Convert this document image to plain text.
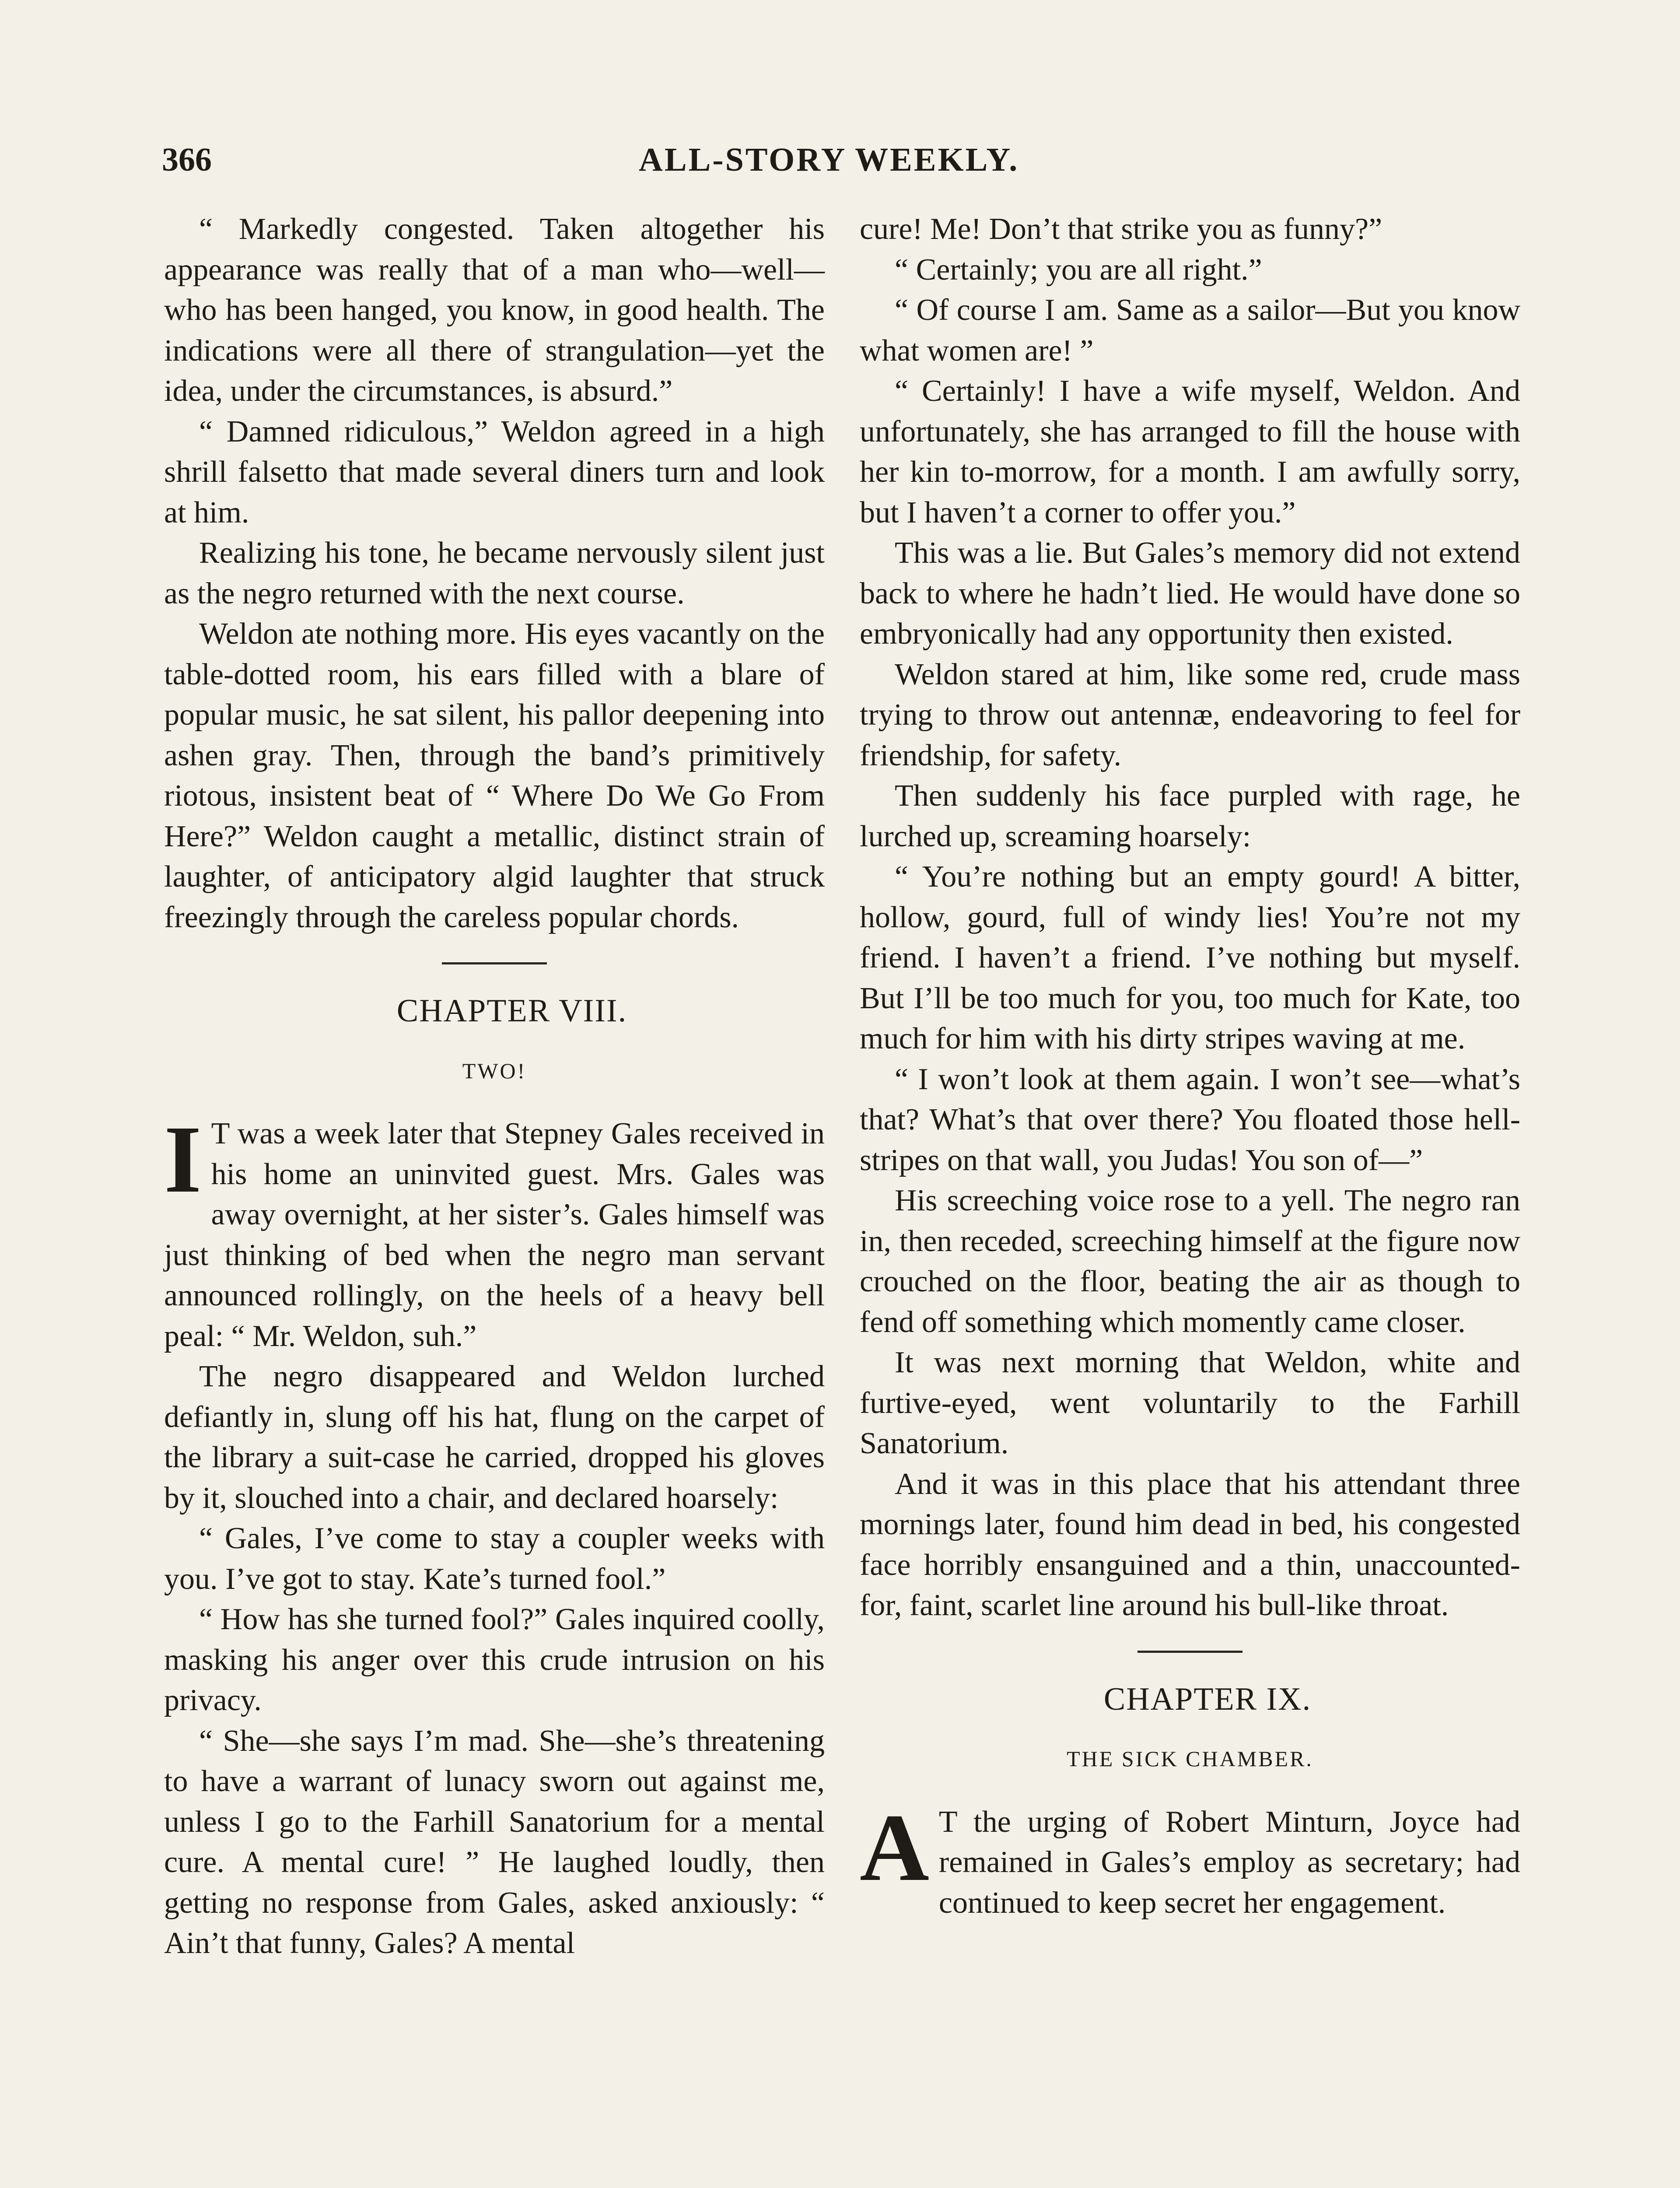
366	ALL-STORY WEEKLY.

“ Markedly congested. Taken altogether his appearance was really that of a man who—well—who has been hanged, you know, in good health. The indications were all there of strangulation—yet the idea, under the circumstances, is absurd.”

“ Damned ridiculous,” Weldon agreed in a high shrill falsetto that made several diners turn and look at him.

Realizing his tone, he became nervously silent just as the negro returned with the next course.

Weldon ate nothing more. His eyes vacantly on the table-dotted room, his ears filled with a blare of popular music, he sat silent, his pallor deepening into ashen gray. Then, through the band’s primitively riotous, insistent beat of “ Where Do We Go From Here?” Weldon caught a metallic, distinct strain of laughter, of anticipatory algid laughter that struck freezingly through the careless popular chords.

CHAPTER VIII.

TWO!

I T was a week later that Stepney Gales received in his home an uninvited guest. Mrs. Gales was away overnight, at her sister’s. Gales himself was just thinking of bed when the negro man servant announced rollingly, on the heels of a heavy bell peal: “ Mr. Weldon, suh.”

The negro disappeared and Weldon lurched defiantly in, slung off his hat, flung on the carpet of the library a suit-case he carried, dropped his gloves by it, slouched into a chair, and declared hoarsely:

“ Gales, I’ve come to stay a coupler weeks with you. I’ve got to stay. Kate’s turned fool.”

“ How has she turned fool?” Gales inquired coolly, masking his anger over this crude intrusion on his privacy.

“ She—she says I’m mad. She—she’s threatening to have a warrant of lunacy sworn out against me, unless I go to the Farhill Sanatorium for a mental cure. A mental cure! ” He laughed loudly, then getting no response from Gales, asked anxiously: “ Ain’t that funny, Gales? A mental

cure! Me! Don’t that strike you as funny?”

“ Certainly; you are all right.”

“ Of course I am. Same as a sailor—But you know what women are! ”

“ Certainly! I have a wife myself, Weldon. And unfortunately, she has arranged to fill the house with her kin to-morrow, for a month. I am awfully sorry, but I haven’t a corner to offer you.”

This was a lie. But Gales’s memory did not extend back to where he hadn’t lied. He would have done so embryonically had any opportunity then existed.

Weldon stared at him, like some red, crude mass trying to throw out antennæ, endeavoring to feel for friendship, for safety.

Then suddenly his face purpled with rage, he lurched up, screaming hoarsely:

“ You’re nothing but an empty gourd! A bitter, hollow, gourd, full of windy lies! You’re not my friend. I haven’t a friend. I’ve nothing but myself. But I’ll be too much for you, too much for Kate, too much for him with his dirty stripes waving at me.

“ I won’t look at them again. I won’t see—what’s that? What’s that over there? You floated those hell-stripes on that wall, you Judas! You son of—”

His screeching voice rose to a yell. The negro ran in, then receded, screeching himself at the figure now crouched on the floor, beating the air as though to fend off something which momently came closer.

It was next morning that Weldon, white and furtive-eyed, went voluntarily to the Farhill Sanatorium.

And it was in this place that his attendant three mornings later, found him dead in bed, his congested face horribly ensanguined and a thin, unaccounted-for, faint, scarlet line around his bull-like throat.

CHAPTER IX.

THE SICK CHAMBER.

A T the urging of Robert Minturn, Joyce had remained in Gales’s employ as secretary; had continued to keep secret her engagement.
